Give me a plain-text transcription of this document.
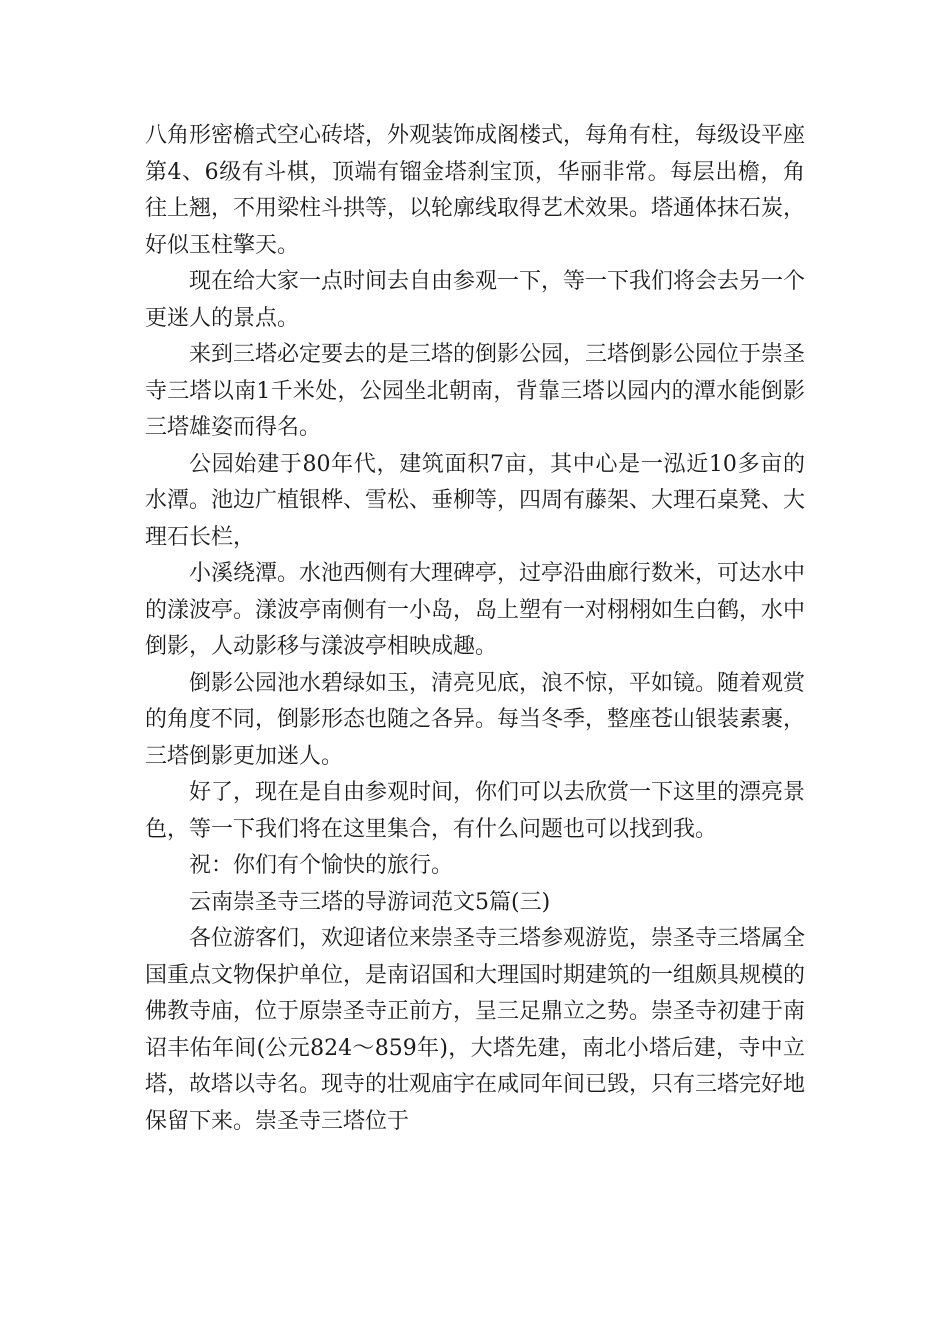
八角形密檐式空心砖塔，外观装饰成阁楼式，每角有柱，每级设平座第4、6级有斗棋，顶端有镏金塔刹宝顶，华丽非常。每层出檐，角往上翘，不用梁柱斗拱等，以轮廓线取得艺术效果。塔通体抹石炭，好似玉柱擎天。

现在给大家一点时间去自由参观一下，等一下我们将会去另一个更迷人的景点。

来到三塔必定要去的是三塔的倒影公园，三塔倒影公园位于崇圣寺三塔以南1千米处，公园坐北朝南，背靠三塔以园内的潭水能倒影三塔雄姿而得名。

公园始建于80年代，建筑面积7亩，其中心是一泓近10多亩的水潭。池边广植银桦、雪松、垂柳等，四周有藤架、大理石桌凳、大理石长栏，

小溪绕潭。水池西侧有大理碑亭，过亭沿曲廊行数米，可达水中的漾波亭。漾波亭南侧有一小岛，岛上塑有一对栩栩如生白鹤，水中倒影，人动影移与漾波亭相映成趣。

倒影公园池水碧绿如玉，清亮见底，浪不惊，平如镜。随着观赏的角度不同，倒影形态也随之各异。每当冬季，整座苍山银装素裹，三塔倒影更加迷人。

好了，现在是自由参观时间，你们可以去欣赏一下这里的漂亮景色，等一下我们将在这里集合，有什么问题也可以找到我。

祝：你们有个愉快的旅行。

云南崇圣寺三塔的导游词范文5篇(三)

各位游客们，欢迎诸位来崇圣寺三塔参观游览，崇圣寺三塔属全国重点文物保护单位，是南诏国和大理国时期建筑的一组颇具规模的佛教寺庙，位于原崇圣寺正前方，呈三足鼎立之势。崇圣寺初建于南诏丰佑年间(公元824～859年)，大塔先建，南北小塔后建，寺中立塔，故塔以寺名。现寺的壮观庙宇在咸同年间已毁，只有三塔完好地保留下来。崇圣寺三塔位于
